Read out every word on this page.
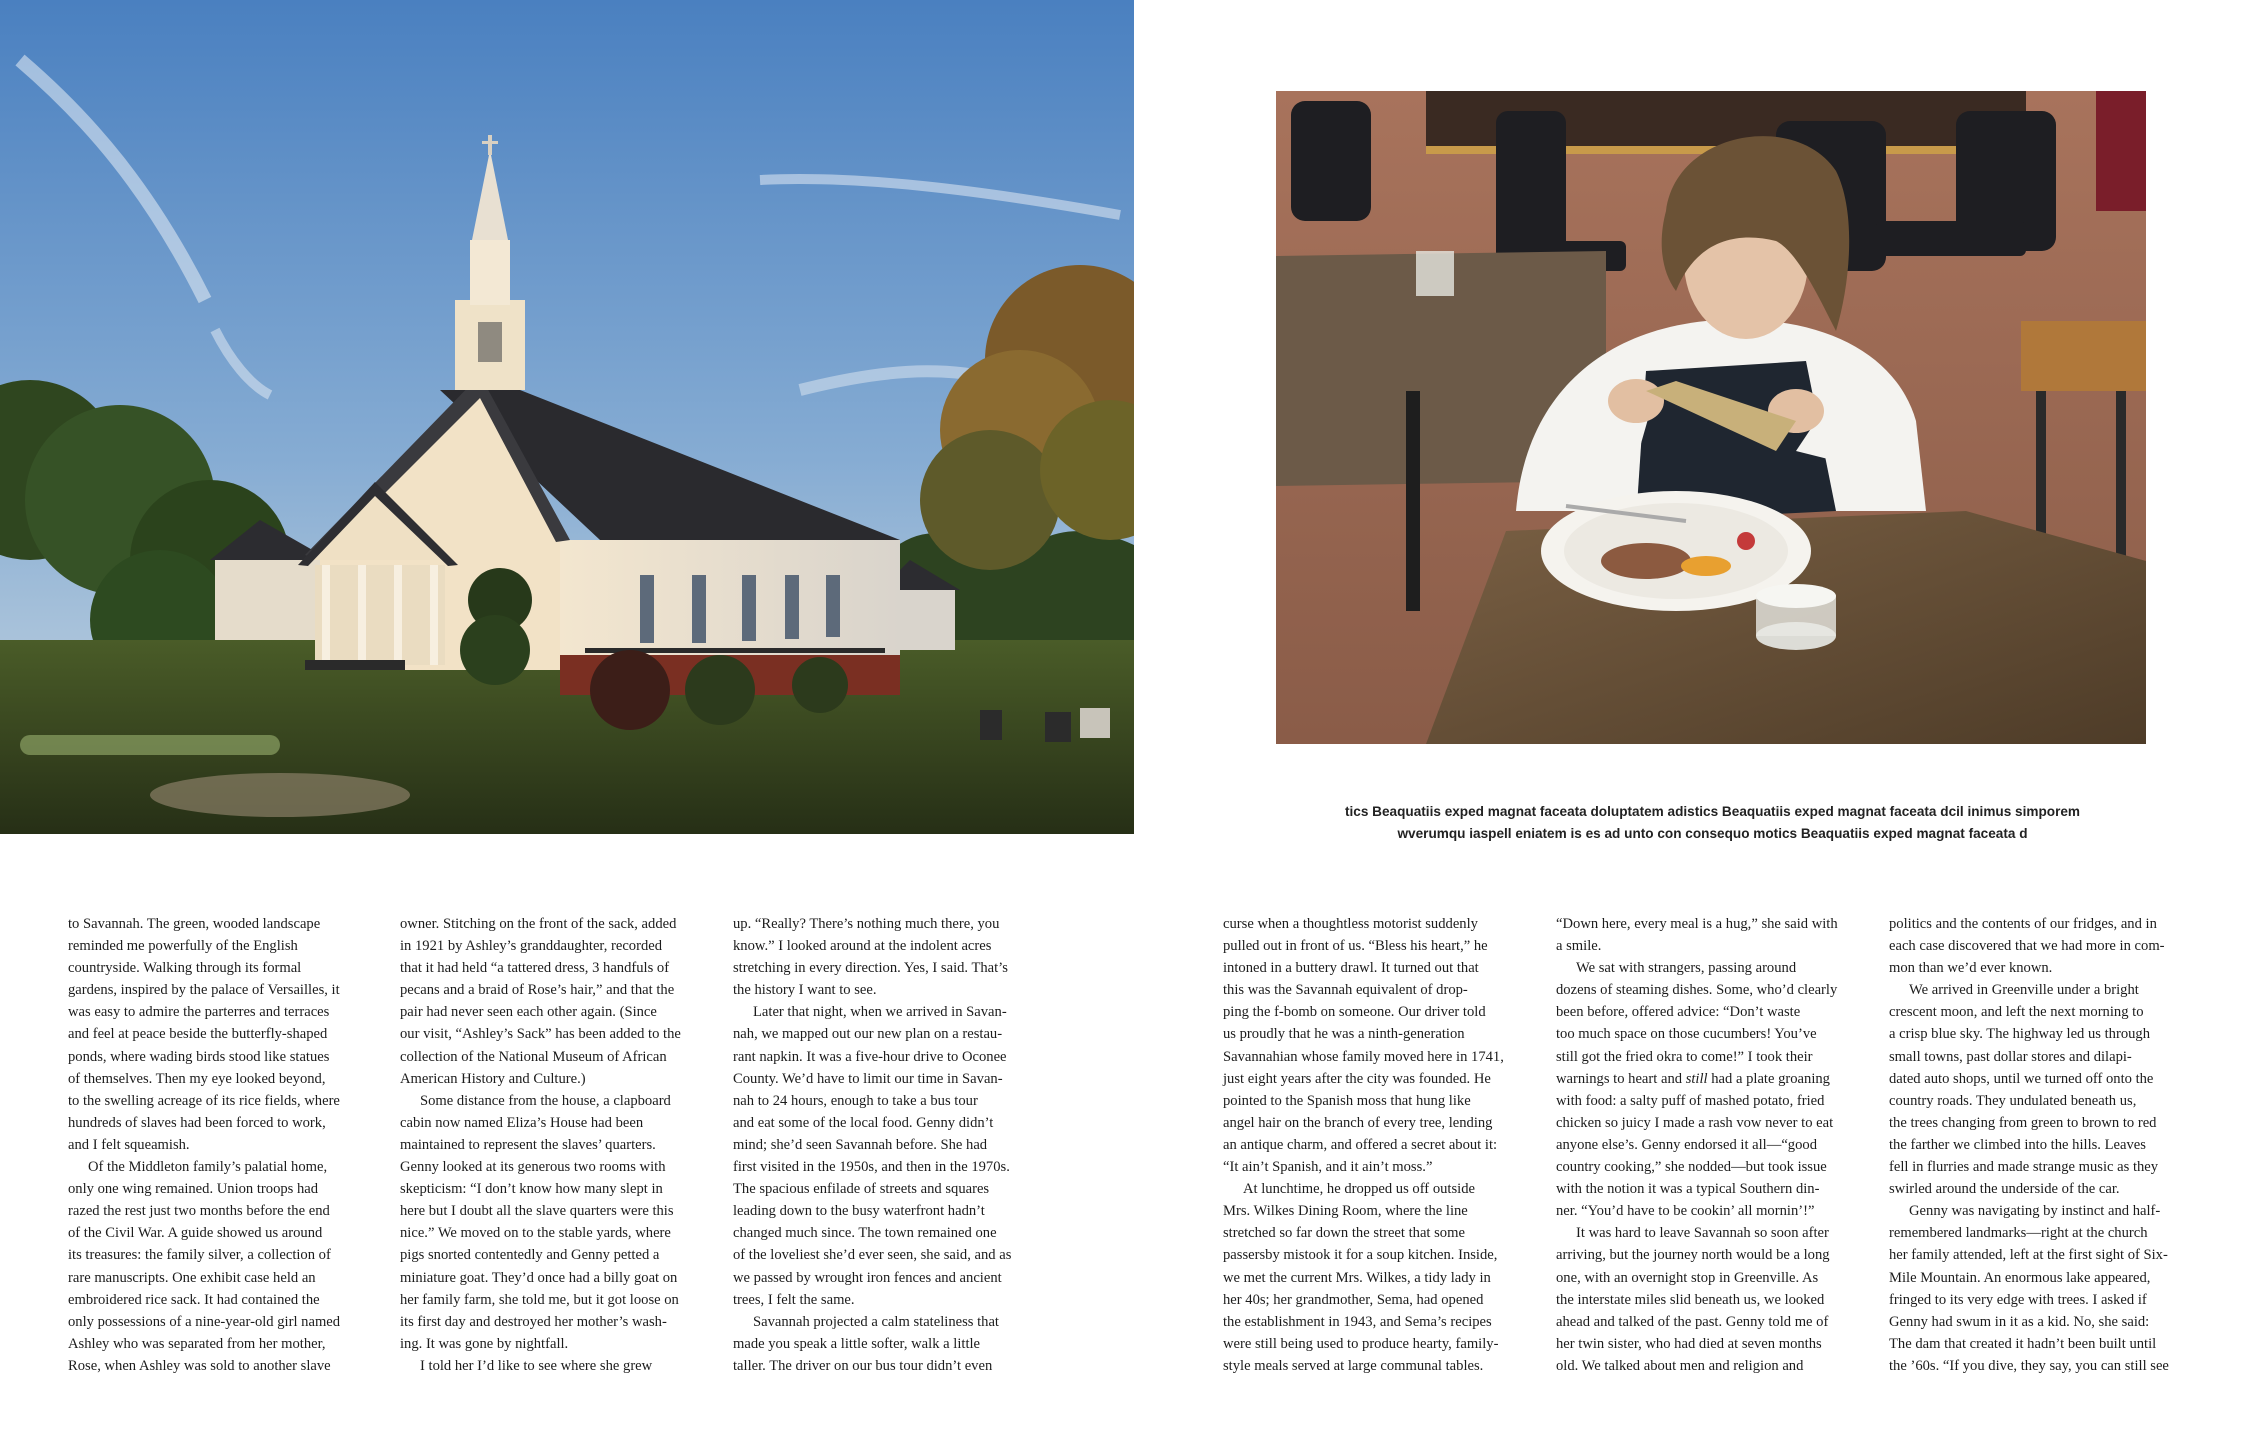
tics Beaquatiis exped magnat faceata doluptatem adistics Beaquatiis exped magnat faceata dcil inimus simporem
wverumqu iaspell eniatem is es ad unto con consequo motics Beaquatiis exped magnat faceata d

to Savannah. The green, wooded landscape
reminded me powerfully of the English
countryside. Walking through its formal
gardens, inspired by the palace of Versailles, it
was easy to admire the parterres and terraces
and feel at peace beside the butterfly-shaped
ponds, where wading birds stood like statues
of themselves. Then my eye looked beyond,
to the swelling acreage of its rice fields, where
hundreds of slaves had been forced to work,
and I felt squeamish.

Of the Middleton family’s palatial home,
only one wing remained. Union troops had
razed the rest just two months before the end
of the Civil War. A guide showed us around
its treasures: the family silver, a collection of
rare manuscripts. One exhibit case held an
embroidered rice sack. It had contained the
only possessions of a nine-year-old girl named
Ashley who was separated from her mother,
Rose, when Ashley was sold to another slave

owner. Stitching on the front of the sack, added
in 1921 by Ashley’s granddaughter, recorded
that it had held “a tattered dress, 3 handfuls of
pecans and a braid of Rose’s hair,” and that the
pair had never seen each other again. (Since
our visit, “Ashley’s Sack” has been added to the
collection of the National Museum of African
American History and Culture.)

Some distance from the house, a clapboard
cabin now named Eliza’s House had been
maintained to represent the slaves’ quarters.
Genny looked at its generous two rooms with
skepticism: “I don’t know how many slept in
here but I doubt all the slave quarters were this
nice.” We moved on to the stable yards, where
pigs snorted contentedly and Genny petted a
miniature goat. They’d once had a billy goat on
her family farm, she told me, but it got loose on
its first day and destroyed her mother’s wash-
ing. It was gone by nightfall.

I told her I’d like to see where she grew

up. “Really? There’s nothing much there, you
know.” I looked around at the indolent acres
stretching in every direction. Yes, I said. That’s
the history I want to see.

Later that night, when we arrived in Savan-
nah, we mapped out our new plan on a restau-
rant napkin. It was a five-hour drive to Oconee
County. We’d have to limit our time in Savan-
nah to 24 hours, enough to take a bus tour
and eat some of the local food. Genny didn’t
mind; she’d seen Savannah before. She had
first visited in the 1950s, and then in the 1970s.
The spacious enfilade of streets and squares
leading down to the busy waterfront hadn’t
changed much since. The town remained one
of the loveliest she’d ever seen, she said, and as
we passed by wrought iron fences and ancient
trees, I felt the same.

Savannah projected a calm stateliness that
made you speak a little softer, walk a little
taller. The driver on our bus tour didn’t even

curse when a thoughtless motorist suddenly
pulled out in front of us. “Bless his heart,” he
intoned in a buttery drawl. It turned out that
this was the Savannah equivalent of drop-
ping the f-bomb on someone. Our driver told
us proudly that he was a ninth-generation
Savannahian whose family moved here in 1741,
just eight years after the city was founded. He
pointed to the Spanish moss that hung like
angel hair on the branch of every tree, lending
an antique charm, and offered a secret about it:
“It ain’t Spanish, and it ain’t moss.”

At lunchtime, he dropped us off outside
Mrs. Wilkes Dining Room, where the line
stretched so far down the street that some
passersby mistook it for a soup kitchen. Inside,
we met the current Mrs. Wilkes, a tidy lady in
her 40s; her grandmother, Sema, had opened
the establishment in 1943, and Sema’s recipes
were still being used to produce hearty, family-
style meals served at large communal tables.

“Down here, every meal is a hug,” she said with
a smile.

We sat with strangers, passing around
dozens of steaming dishes. Some, who’d clearly
been before, offered advice: “Don’t waste
too much space on those cucumbers! You’ve
still got the fried okra to come!” I took their
warnings to heart and still had a plate groaning
with food: a salty puff of mashed potato, fried
chicken so juicy I made a rash vow never to eat
anyone else’s. Genny endorsed it all—“good
country cooking,” she nodded—but took issue
with the notion it was a typical Southern din-
ner. “You’d have to be cookin’ all mornin’!”

It was hard to leave Savannah so soon after
arriving, but the journey north would be a long
one, with an overnight stop in Greenville. As
the interstate miles slid beneath us, we looked
ahead and talked of the past. Genny told me of
her twin sister, who had died at seven months
old. We talked about men and religion and

politics and the contents of our fridges, and in
each case discovered that we had more in com-
mon than we’d ever known.

We arrived in Greenville under a bright
crescent moon, and left the next morning to
a crisp blue sky. The highway led us through
small towns, past dollar stores and dilapi-
dated auto shops, until we turned off onto the
country roads. They undulated beneath us,
the trees changing from green to brown to red
the farther we climbed into the hills. Leaves
fell in flurries and made strange music as they
swirled around the underside of the car.

Genny was navigating by instinct and half-
remembered landmarks—right at the church
her family attended, left at the first sight of Six-
Mile Mountain. An enormous lake appeared,
fringed to its very edge with trees. I asked if
Genny had swum in it as a kid. No, she said:
The dam that created it hadn’t been built until
the ’60s. “If you dive, they say, you can still see
